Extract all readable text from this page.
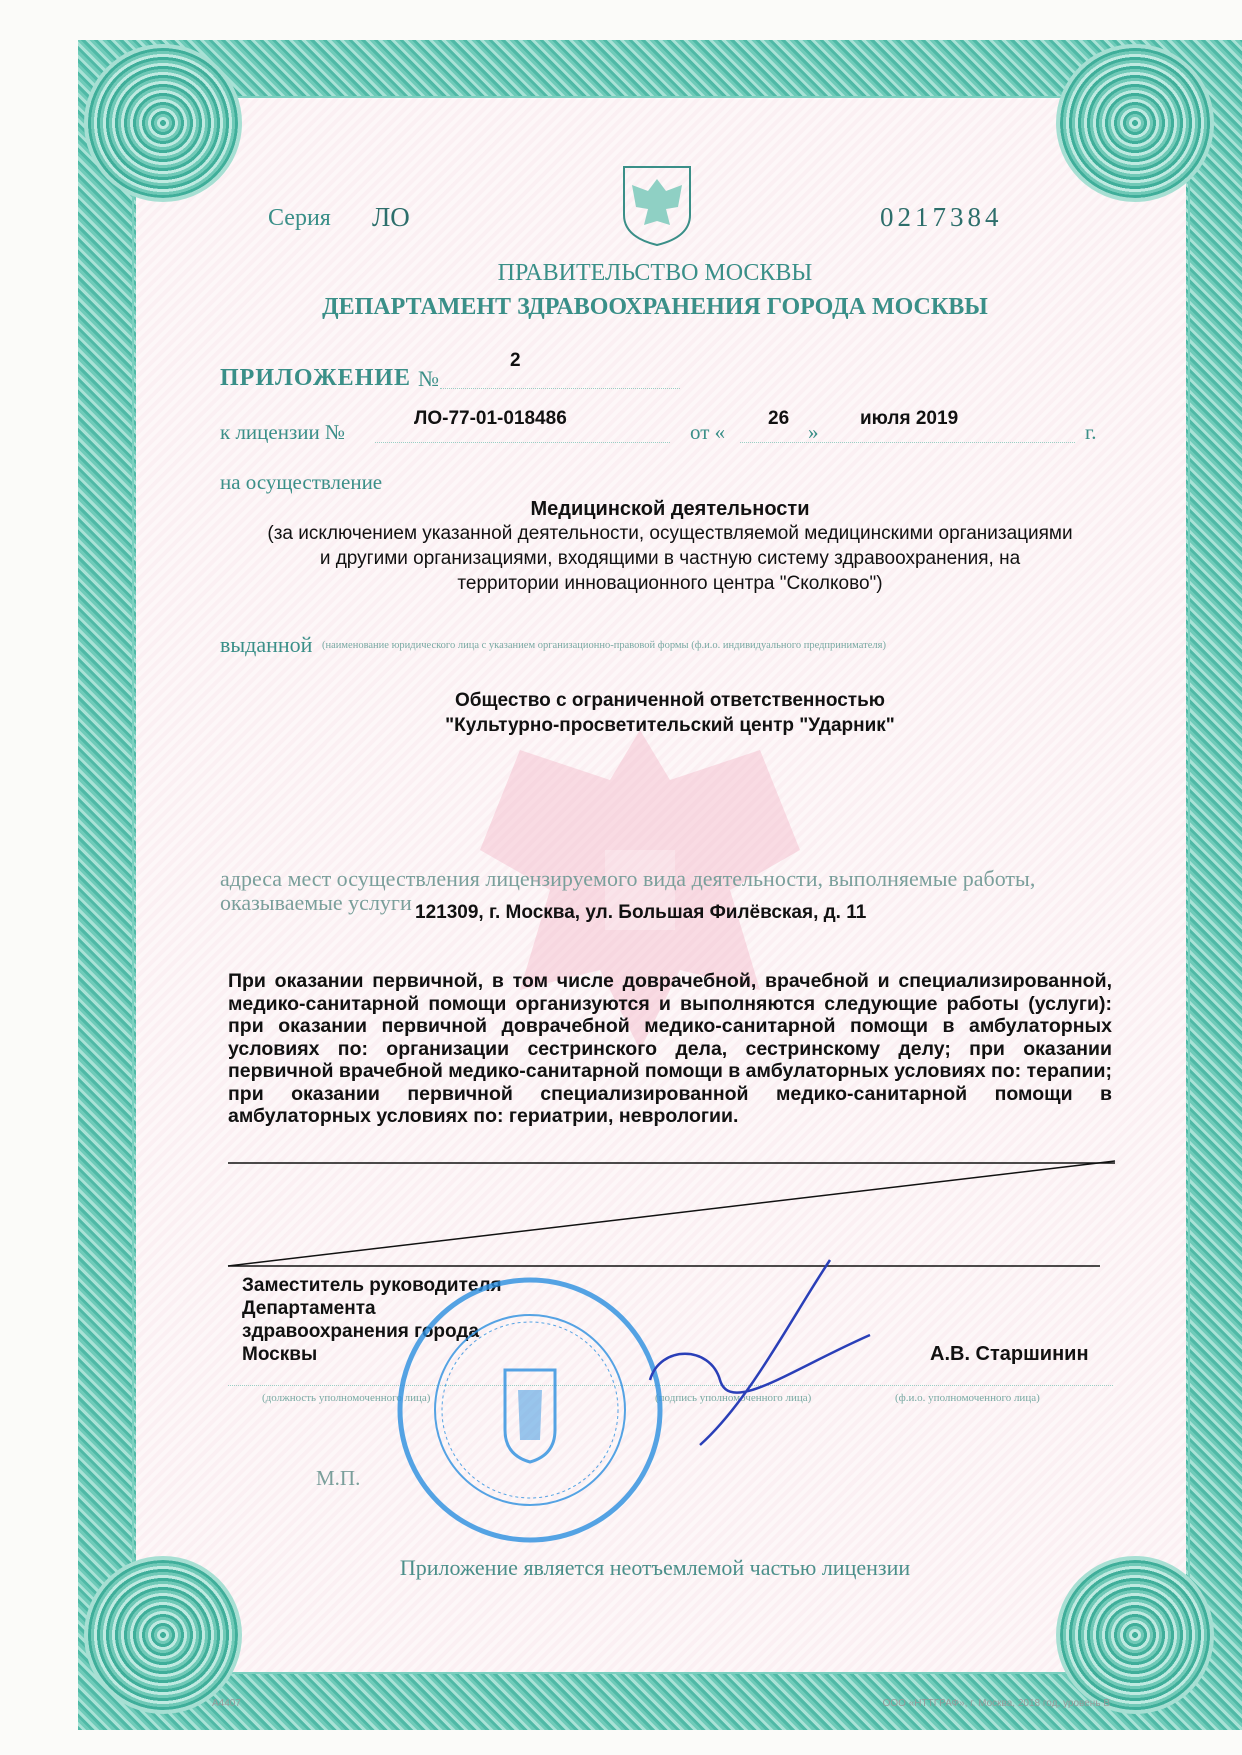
Серия ЛО	0217384
ПРАВИТЕЛЬСТВО МОСКВЫ
ДЕПАРТАМЕНТ ЗДРАВООХРАНЕНИЯ ГОРОДА МОСКВЫ
ПРИЛОЖЕНИЕ №
2
к лицензии №
ЛО-77-01-018486
от «
26
»
июля 2019
г.
на осуществление
Медицинской деятельности
(за исключением указанной деятельности, осуществляемой медицинскими организациями
и другими организациями, входящими в частную систему здравоохранения, на
территории инновационного центра "Сколково")
выданной (наименование юридического лица с указанием организационно-правовой формы (ф.и.о. индивидуального предпринимателя)
Общество с ограниченной ответственностью
"Культурно-просветительский центр "Ударник"
адреса мест осуществления лицензируемого вида деятельности, выполняемые работы,
оказываемые услуги 121309, г. Москва, ул. Большая Филёвская, д. 11
При оказании первичной, в том числе доврачебной, врачебной и специализированной, медико-санитарной помощи организуются и выполняются следующие работы (услуги): при оказании первичной доврачебной медико-санитарной помощи в амбулаторных условиях по: организации сестринского дела, сестринскому делу; при оказании первичной врачебной медико-санитарной помощи в амбулаторных условиях по: терапии; при оказании первичной специализированной медико-санитарной помощи в амбулаторных условиях по: гериатрии, неврологии.
Заместитель руководителя
Департамента
здравоохранения города
Москвы	А.В. Старшинин
(должность уполномоченного лица)	(подпись уполномоченного лица)	(ф.и.о. уполномоченного лица)
М.П.
Приложение является неотъемлемой частью лицензии
А4407	ООО «НТТГРАФ», г. Москва, 2018 год, уровень В
